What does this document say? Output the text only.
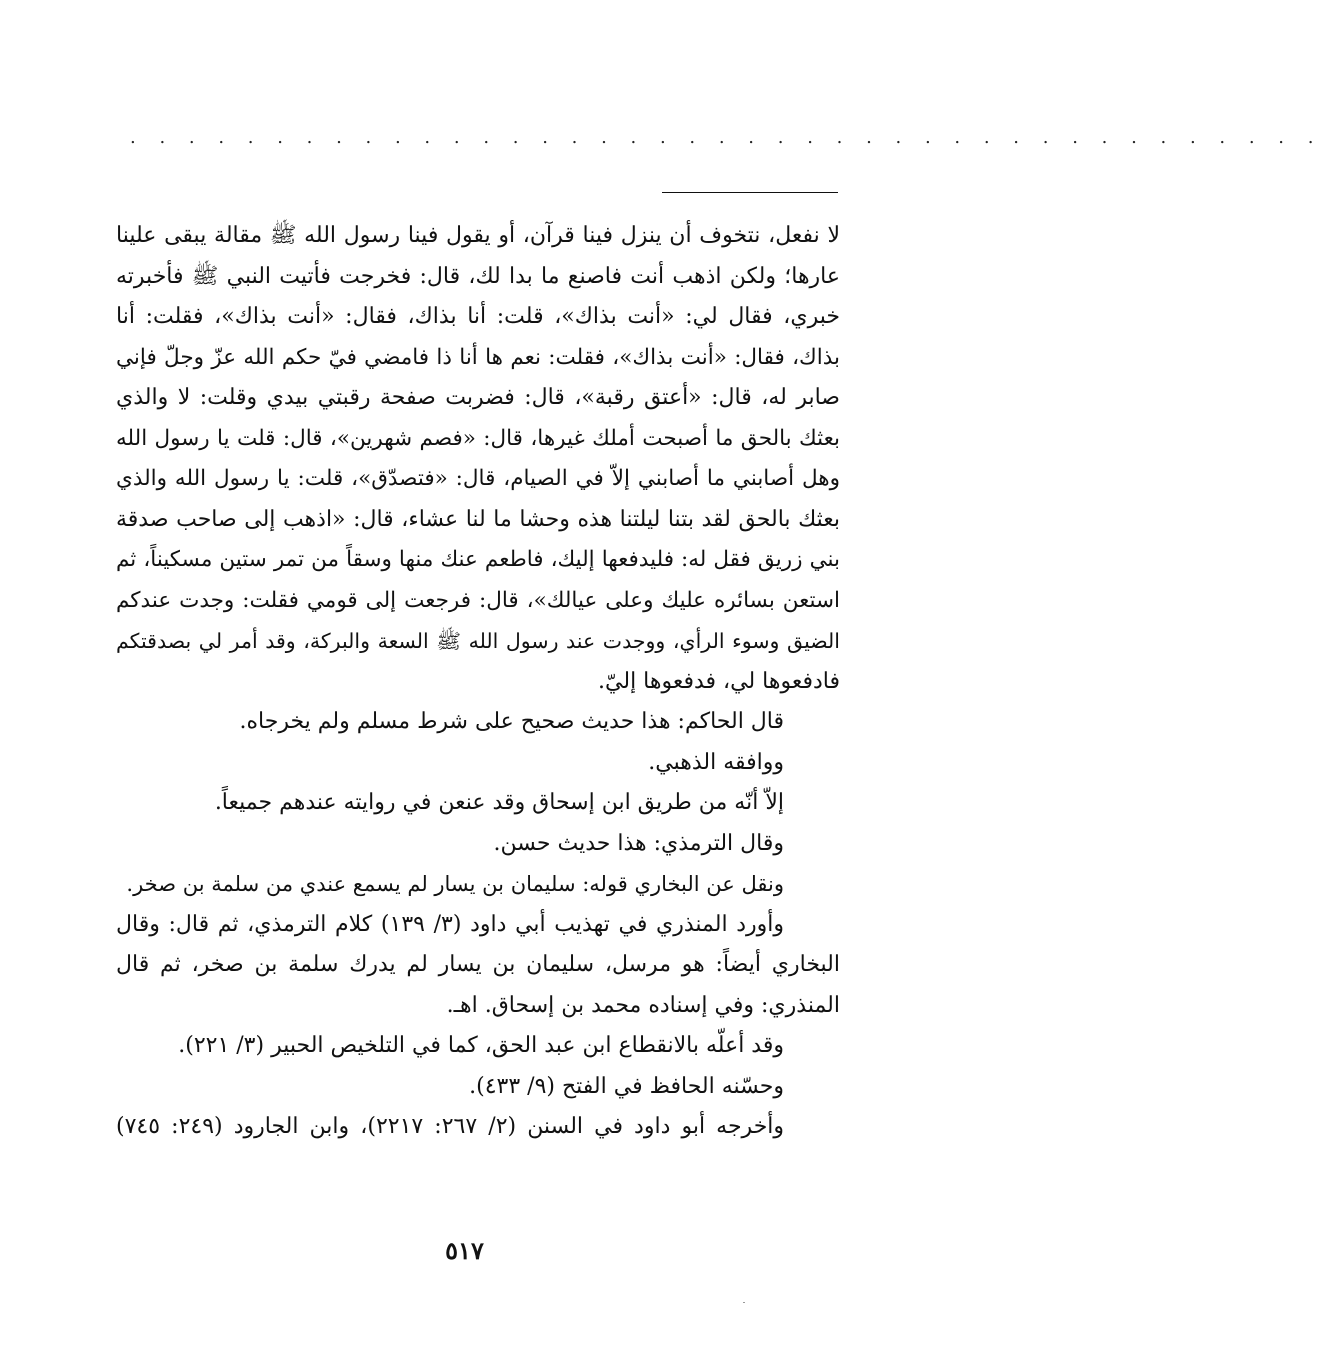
. . . . . . . . . . . . . . . . . . . . . . . . . . . . . . . . . . . . . . . . .
لا نفعل، نتخوف أن ينزل فينا قرآن، أو يقول فينا رسول الله ﷺ مقالة يبقى علينا
عارها؛ ولكن اذهب أنت فاصنع ما بدا لك، قال: فخرجت فأتيت النبي ﷺ فأخبرته
خبري، فقال لي: «أنت بذاك»، قلت: أنا بذاك، فقال: «أنت بذاك»، فقلت: أنا
بذاك، فقال: «أنت بذاك»، فقلت: نعم ها أنا ذا فامضي فيّ حكم الله عزّ وجلّ فإني
صابر له، قال: «أعتق رقبة»، قال: فضربت صفحة رقبتي بيدي وقلت: لا والذي
بعثك بالحق ما أصبحت أملك غيرها، قال: «فصم شهرين»، قال: قلت يا رسول الله
وهل أصابني ما أصابني إلاّ في الصيام، قال: «فتصدّق»، قلت: يا رسول الله والذي
بعثك بالحق لقد بتنا ليلتنا هذه وحشا ما لنا عشاء، قال: «اذهب إلى صاحب صدقة
بني زريق فقل له: فليدفعها إليك، فاطعم عنك منها وسقاً من تمر ستين مسكيناً، ثم
استعن بسائره عليك وعلى عيالك»، قال: فرجعت إلى قومي فقلت: وجدت عندكم
الضيق وسوء الرأي، ووجدت عند رسول الله ﷺ السعة والبركة، وقد أمر لي بصدقتكم
فادفعوها لي، فدفعوها إليّ.
قال الحاكم: هذا حديث صحيح على شرط مسلم ولم يخرجاه.
ووافقه الذهبي.
إلاّ أنّه من طريق ابن إسحاق وقد عنعن في روايته عندهم جميعاً.
وقال الترمذي: هذا حديث حسن.
ونقل عن البخاري قوله: سليمان بن يسار لم يسمع عندي من سلمة بن صخر.
وأورد المنذري في تهذيب أبي داود (٣/ ١٣٩) كلام الترمذي، ثم قال: وقال
البخاري أيضاً: هو مرسل، سليمان بن يسار لم يدرك سلمة بن صخر، ثم قال
المنذري: وفي إسناده محمد بن إسحاق. اهـ.
وقد أعلّه بالانقطاع ابن عبد الحق، كما في التلخيص الحبير (٣/ ٢٢١).
وحسّنه الحافظ في الفتح (٩/ ٤٣٣).
وأخرجه أبو داود في السنن (٢/ ٢٦٧: ٢٢١٧)، وابن الجارود (٢٤٩: ٧٤٥)
٥١٧
